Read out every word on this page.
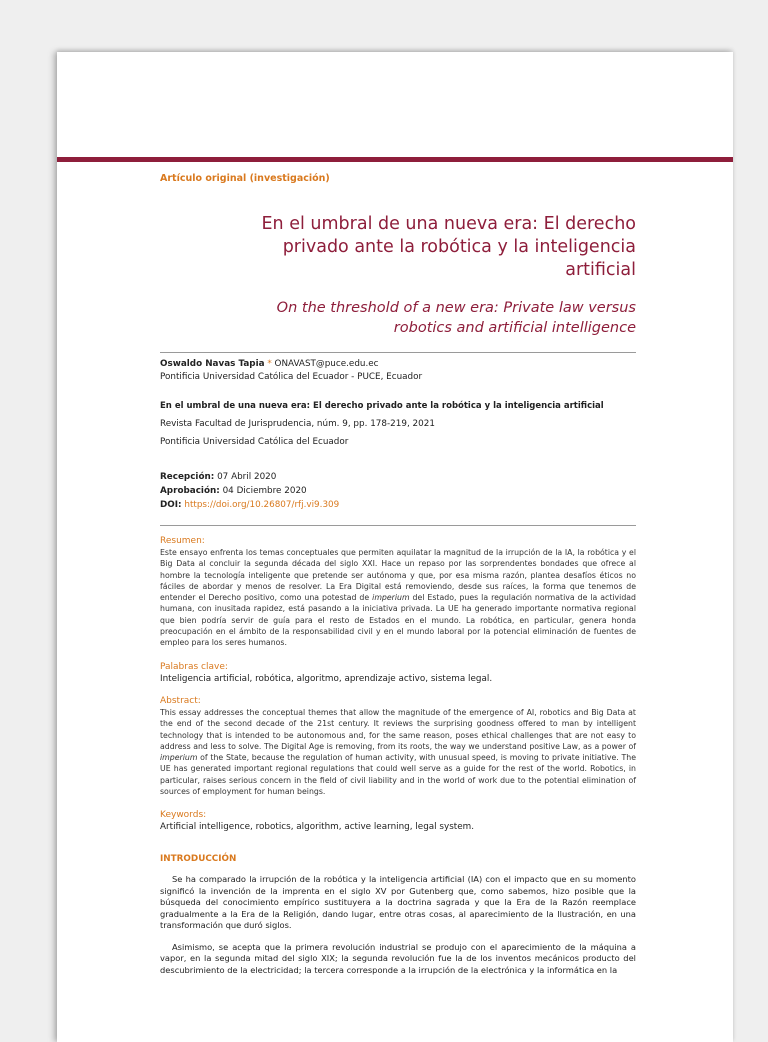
Artículo original (investigación)
En el umbral de una nueva era: El derecho privado ante la robótica y la inteligencia artificial
On the threshold of a new era: Private law versus robotics and artificial intelligence
Oswaldo Navas Tapia * ONAVAST@puce.edu.ec
Pontificia Universidad Católica del Ecuador - PUCE, Ecuador
En el umbral de una nueva era: El derecho privado ante la robótica y la inteligencia artificial
Revista Facultad de Jurisprudencia, núm. 9, pp. 178-219, 2021
Pontificia Universidad Católica del Ecuador
Recepción: 07 Abril 2020
Aprobación: 04 Diciembre 2020
DOI: https://doi.org/10.26807/rfj.vi9.309
Resumen:
Este ensayo enfrenta los temas conceptuales que permiten aquilatar la magnitud de la irrupción de la IA, la robótica y el Big Data al concluir la segunda década del siglo XXI. Hace un repaso por las sorprendentes bondades que ofrece al hombre la tecnología inteligente que pretende ser autónoma y que, por esa misma razón, plantea desafíos éticos no fáciles de abordar y menos de resolver. La Era Digital está removiendo, desde sus raíces, la forma que tenemos de entender el Derecho positivo, como una potestad de imperium del Estado, pues la regulación normativa de la actividad humana, con inusitada rapidez, está pasando a la iniciativa privada. La UE ha generado importante normativa regional que bien podría servir de guía para el resto de Estados en el mundo. La robótica, en particular, genera honda preocupación en el ámbito de la responsabilidad civil y en el mundo laboral por la potencial eliminación de fuentes de empleo para los seres humanos.
Palabras clave:
Inteligencia artificial, robótica, algoritmo, aprendizaje activo, sistema legal.
Abstract:
This essay addresses the conceptual themes that allow the magnitude of the emergence of AI, robotics and Big Data at the end of the second decade of the 21st century. It reviews the surprising goodness offered to man by intelligent technology that is intended to be autonomous and, for the same reason, poses ethical challenges that are not easy to address and less to solve. The Digital Age is removing, from its roots, the way we understand positive Law, as a power of imperium of the State, because the regulation of human activity, with unusual speed, is moving to private initiative. The UE has generated important regional regulations that could well serve as a guide for the rest of the world. Robotics, in particular, raises serious concern in the field of civil liability and in the world of work due to the potential elimination of sources of employment for human beings.
Keywords:
Artificial intelligence, robotics, algorithm, active learning, legal system.
INTRODUCCIÓN

Se ha comparado la irrupción de la robótica y la inteligencia artificial (IA) con el impacto que en su momento significó la invención de la imprenta en el siglo XV por Gutenberg que, como sabemos, hizo posible que la búsqueda del conocimiento empírico sustituyera a la doctrina sagrada y que la Era de la Razón reemplace gradualmente a la Era de la Religión, dando lugar, entre otras cosas, al aparecimiento de la Ilustración, en una transformación que duró siglos.

Asimismo, se acepta que la primera revolución industrial se produjo con el aparecimiento de la máquina a vapor, en la segunda mitad del siglo XIX; la segunda revolución fue la de los inventos mecánicos producto del descubrimiento de la electricidad; la tercera corresponde a la irrupción de la electrónica y la informática en la
